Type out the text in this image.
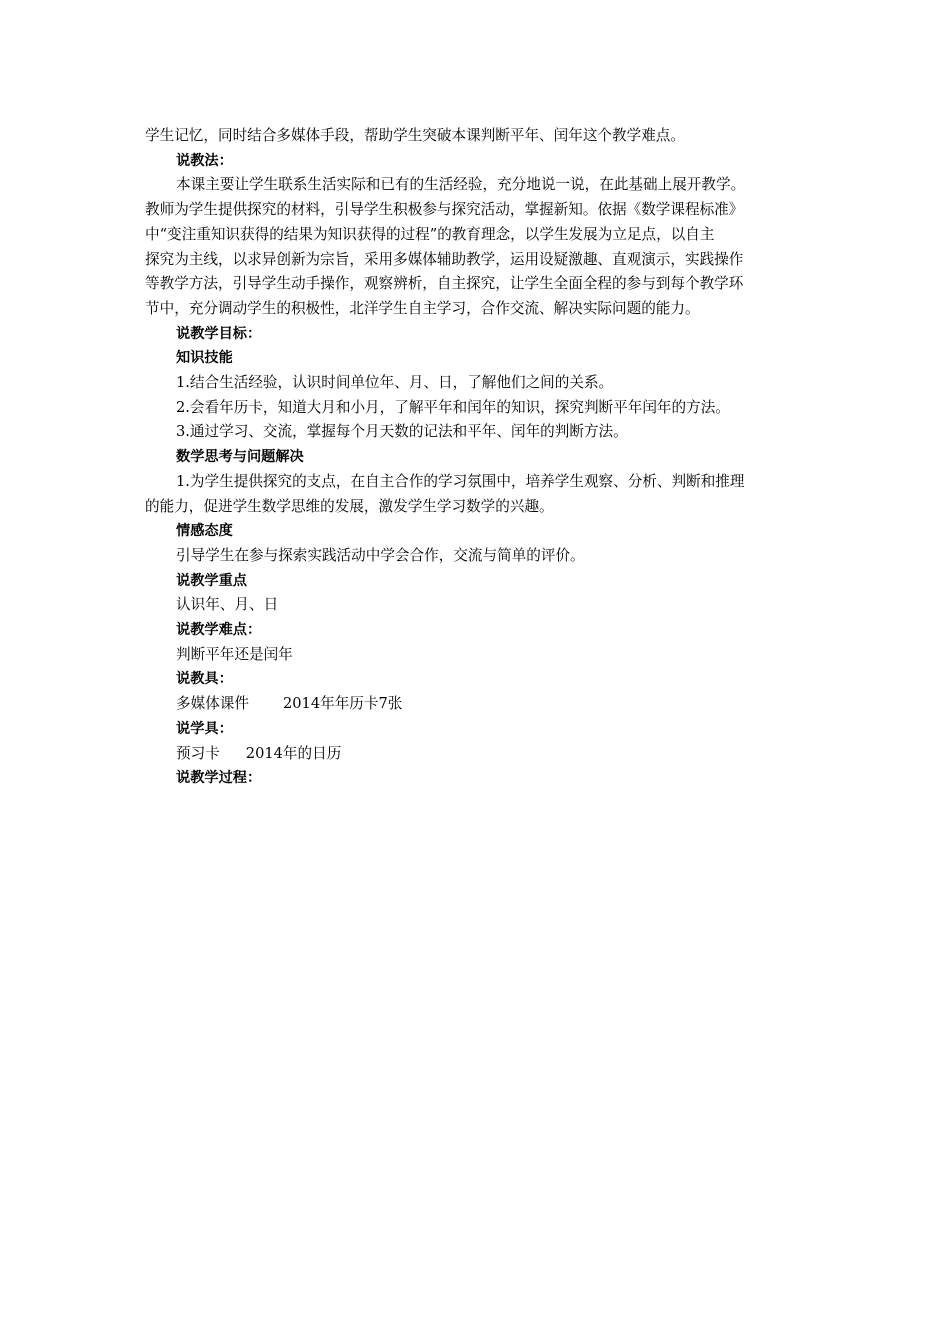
学生记忆，同时结合多媒体手段，帮助学生突破本课判断平年、闰年这个教学难点。
说教法：
本课主要让学生联系生活实际和已有的生活经验，充分地说一说，在此基础上展开教学。
教师为学生提供探究的材料，引导学生积极参与探究活动，掌握新知。依据《数学课程标准》
中“变注重知识获得的结果为知识获得的过程”的教育理念，以学生发展为立足点，以自主
探究为主线，以求异创新为宗旨，采用多媒体辅助教学，运用设疑激趣、直观演示，实践操作
等教学方法，引导学生动手操作，观察辨析，自主探究，让学生全面全程的参与到每个教学环
节中，充分调动学生的积极性，北洋学生自主学习，合作交流、解决实际问题的能力。
说教学目标：
知识技能
1.结合生活经验，认识时间单位年、月、日，了解他们之间的关系。
2.会看年历卡，知道大月和小月，了解平年和闰年的知识，探究判断平年闰年的方法。
3.通过学习、交流，掌握每个月天数的记法和平年、闰年的判断方法。
数学思考与问题解决
1.为学生提供探究的支点，在自主合作的学习氛围中，培养学生观察、分析、判断和推理
的能力，促进学生数学思维的发展，激发学生学习数学的兴趣。
情感态度
引导学生在参与探索实践活动中学会合作，交流与简单的评价。
说教学重点
认识年、月、日
说教学难点：
判断平年还是闰年
说教具：
多媒体课件 2014年年历卡7张
说学具：
预习卡 2014年的日历
说教学过程：
